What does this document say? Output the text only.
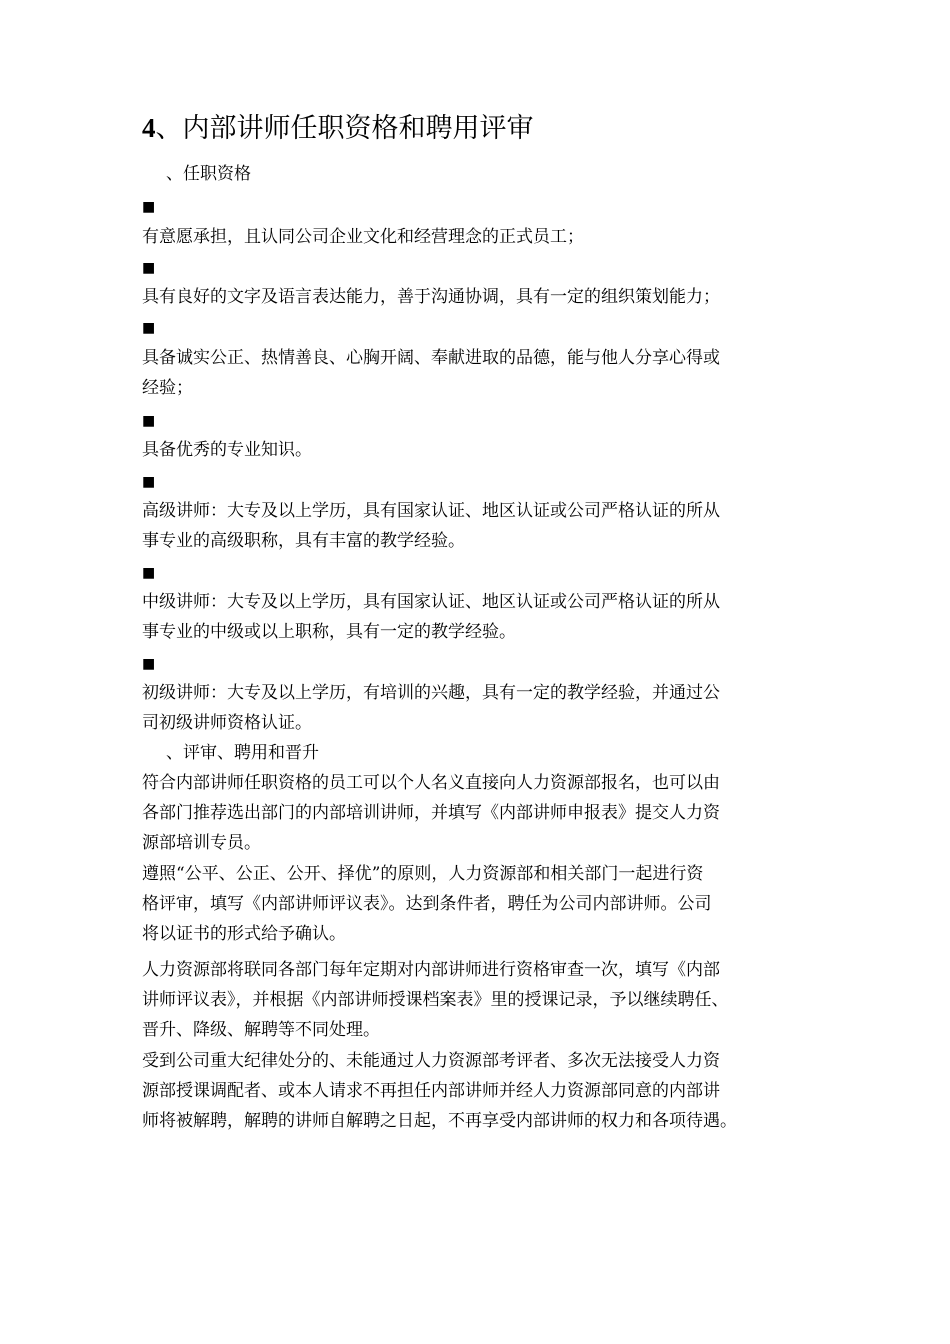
4、内部讲师任职资格和聘用评审
、任职资格
■
有意愿承担，且认同公司企业文化和经营理念的正式员工；
■
具有良好的文字及语言表达能力，善于沟通协调，具有一定的组织策划能力；
■
具备诚实公正、热情善良、心胸开阔、奉献进取的品德，能与他人分享心得或
经验；
■
具备优秀的专业知识。
■
高级讲师：大专及以上学历，具有国家认证、地区认证或公司严格认证的所从
事专业的高级职称，具有丰富的教学经验。
■
中级讲师：大专及以上学历，具有国家认证、地区认证或公司严格认证的所从
事专业的中级或以上职称，具有一定的教学经验。
■
初级讲师：大专及以上学历，有培训的兴趣，具有一定的教学经验，并通过公
司初级讲师资格认证。
、评审、聘用和晋升
符合内部讲师任职资格的员工可以个人名义直接向人力资源部报名，也可以由
各部门推荐选出部门的内部培训讲师，并填写《内部讲师申报表》提交人力资
源部培训专员。
遵照“公平、公正、公开、择优”的原则，人力资源部和相关部门一起进行资
格评审，填写《内部讲师评议表》。达到条件者，聘任为公司内部讲师。公司
将以证书的形式给予确认。
人力资源部将联同各部门每年定期对内部讲师进行资格审查一次，填写《内部
讲师评议表》，并根据《内部讲师授课档案表》里的授课记录，予以继续聘任、
晋升、降级、解聘等不同处理。
受到公司重大纪律处分的、未能通过人力资源部考评者、多次无法接受人力资
源部授课调配者、或本人请求不再担任内部讲师并经人力资源部同意的内部讲
师将被解聘，解聘的讲师自解聘之日起，不再享受内部讲师的权力和各项待遇。
